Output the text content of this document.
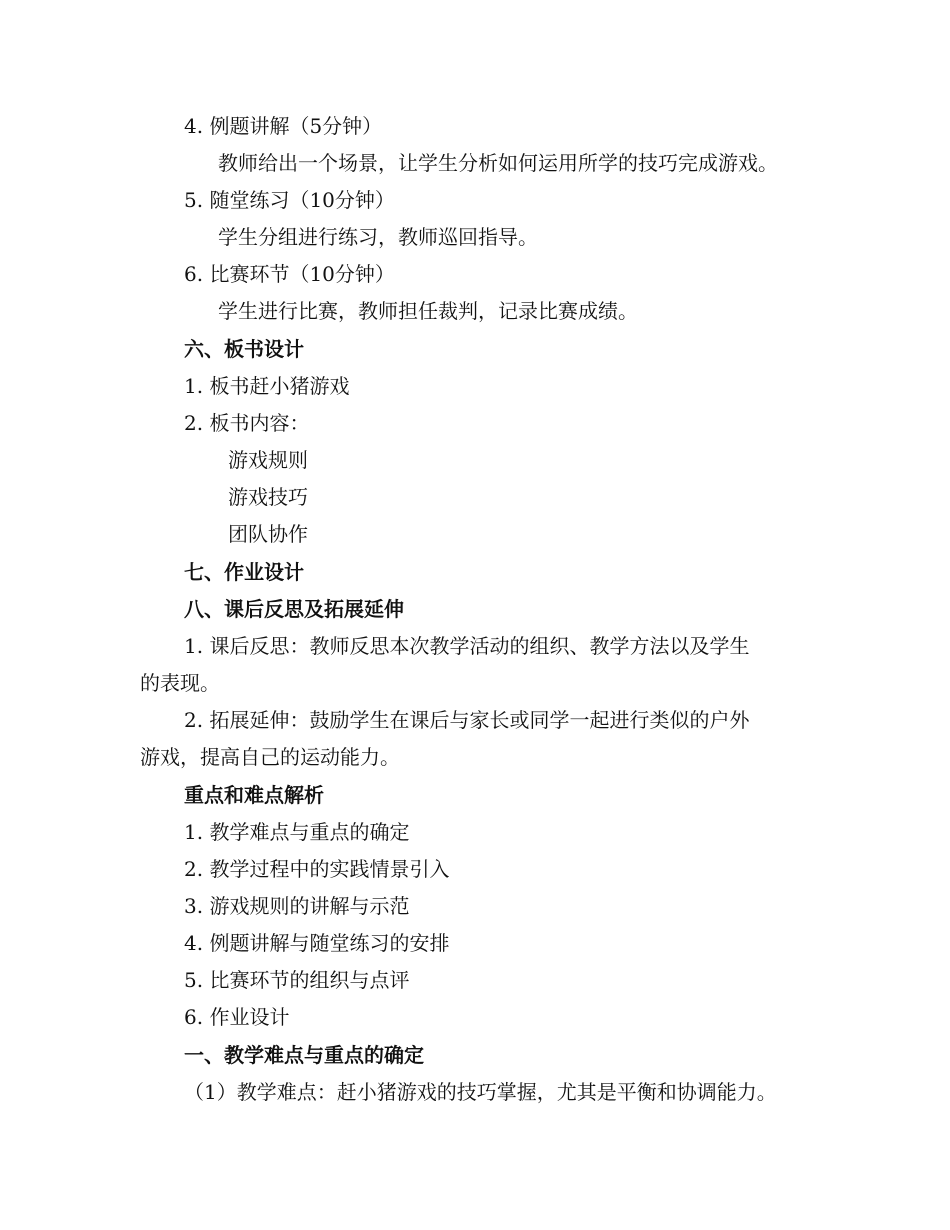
4. 例题讲解（5分钟）
教师给出一个场景，让学生分析如何运用所学的技巧完成游戏。
5. 随堂练习（10分钟）
学生分组进行练习，教师巡回指导。
6. 比赛环节（10分钟）
学生进行比赛，教师担任裁判，记录比赛成绩。
六、板书设计
1. 板书赶小猪游戏
2. 板书内容：
游戏规则
游戏技巧
团队协作
七、作业设计
八、课后反思及拓展延伸
1. 课后反思：教师反思本次教学活动的组织、教学方法以及学生
的表现。
2. 拓展延伸：鼓励学生在课后与家长或同学一起进行类似的户外
游戏，提高自己的运动能力。
重点和难点解析
1. 教学难点与重点的确定
2. 教学过程中的实践情景引入
3. 游戏规则的讲解与示范
4. 例题讲解与随堂练习的安排
5. 比赛环节的组织与点评
6. 作业设计
一、教学难点与重点的确定
（1）教学难点：赶小猪游戏的技巧掌握，尤其是平衡和协调能力。
